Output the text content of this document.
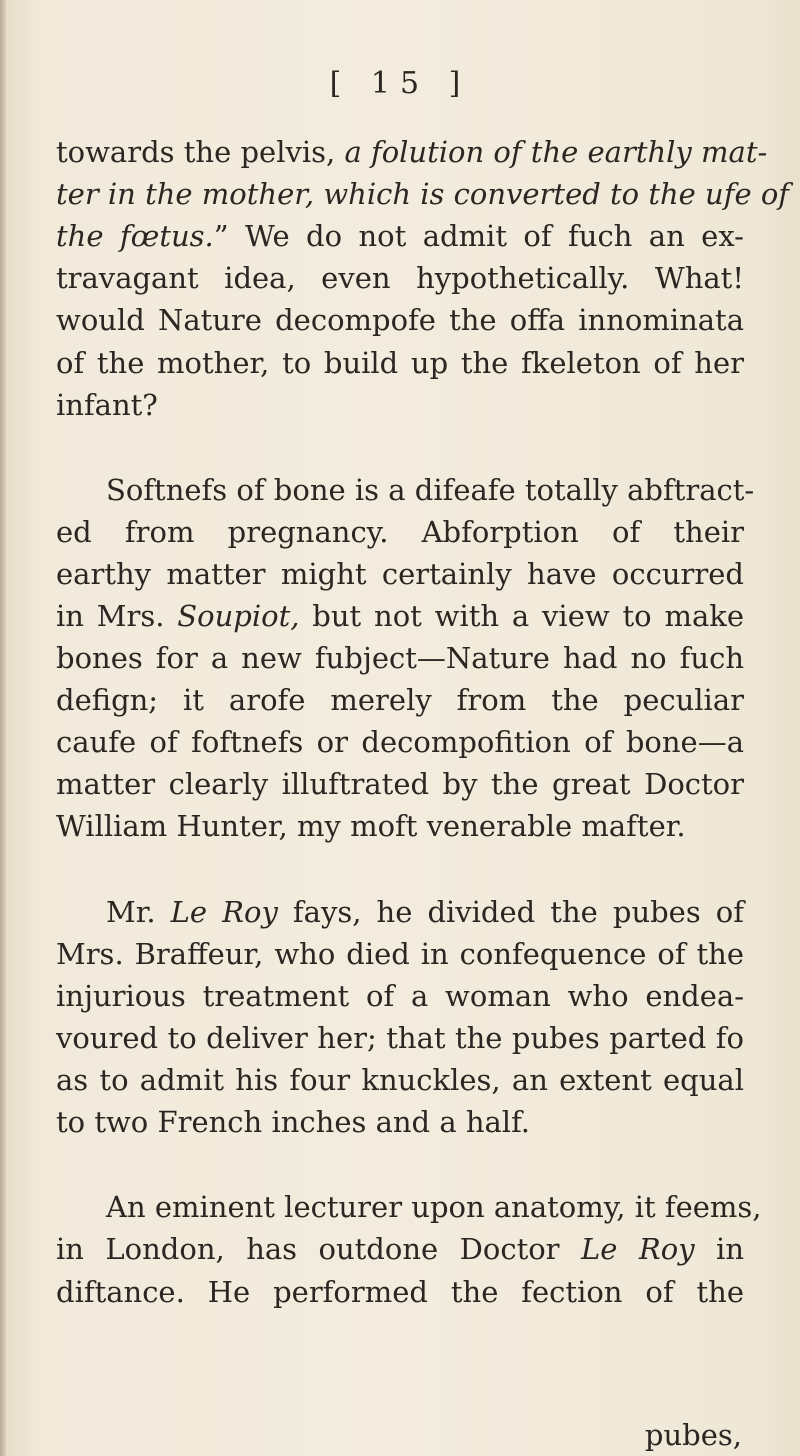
[ 15 ]
towards the pelvis, a folution of the earthly mat-
ter in the mother, which is converted to the ufe of
the fœtus.” We do not admit of fuch an ex-
travagant idea, even hypothetically. What!
would Nature decompofe the offa innominata
of the mother, to build up the fkeleton of her
infant?
Softnefs of bone is a difeafe totally abftract-
ed from pregnancy. Abforption of their
earthy matter might certainly have occurred
in Mrs. Soupiot, but not with a view to make
bones for a new fubject—Nature had no fuch
defign; it arofe merely from the peculiar
caufe of foftnefs or decompofition of bone—a
matter clearly illuftrated by the great Doctor
William Hunter, my moft venerable mafter.
Mr. Le Roy fays, he divided the pubes of
Mrs. Braffeur, who died in confequence of the
injurious treatment of a woman who endea-
voured to deliver her; that the pubes parted fo
as to admit his four knuckles, an extent equal
to two French inches and a half.
An eminent lecturer upon anatomy, it feems,
in London, has outdone Doctor Le Roy in
diftance. He performed the fection of the
pubes,
